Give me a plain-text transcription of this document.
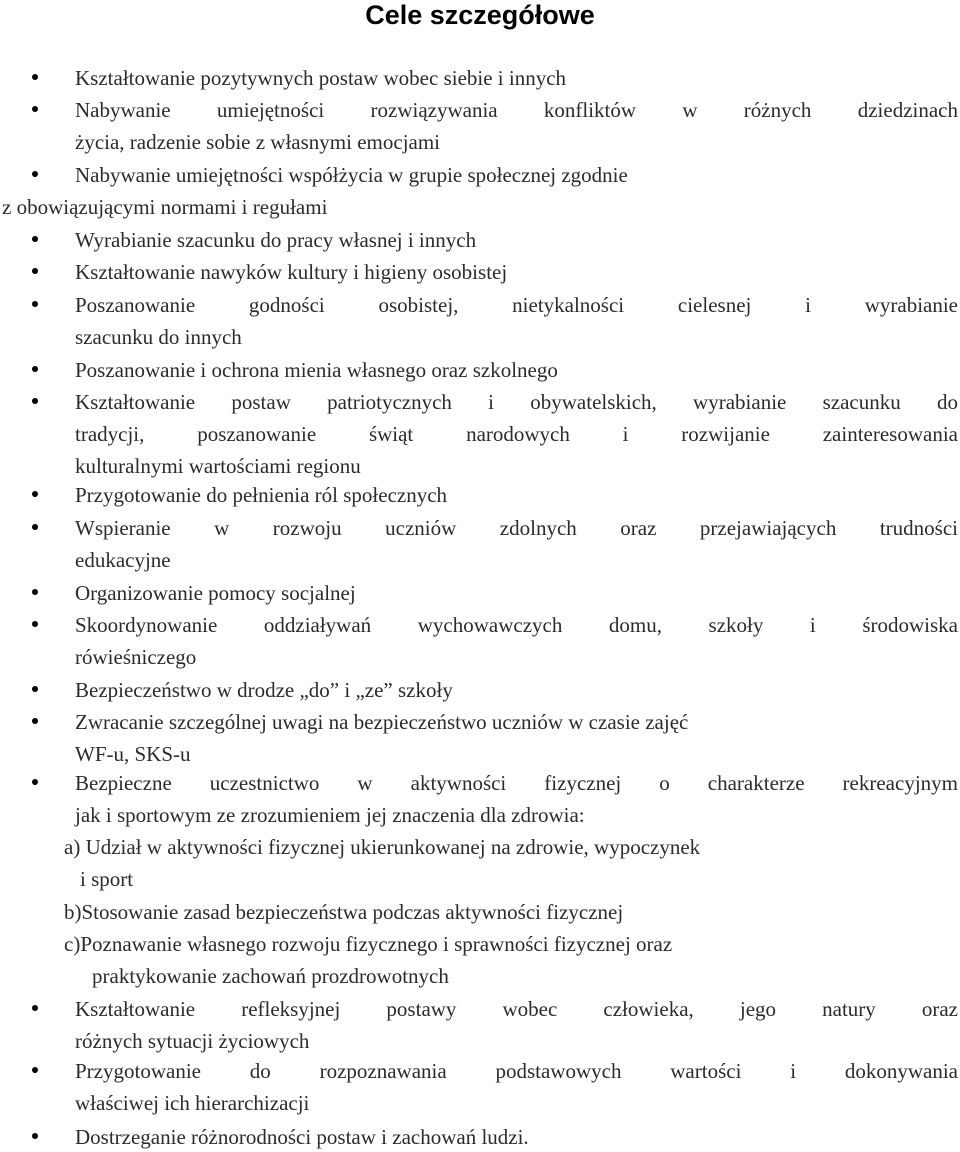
Cele szczegółowe
Kształtowanie pozytywnych postaw wobec siebie i innych
Nabywanie umiejętności rozwiązywania konfliktów w różnych dziedzinach
życia, radzenie sobie z własnymi emocjami
Nabywanie umiejętności współżycia w grupie społecznej zgodnie
z obowiązującymi normami i regułami
Wyrabianie szacunku do pracy własnej i innych
Kształtowanie nawyków kultury i higieny osobistej
Poszanowanie godności osobistej, nietykalności cielesnej i wyrabianie
szacunku do innych
Poszanowanie i ochrona mienia własnego oraz szkolnego
Kształtowanie postaw patriotycznych i obywatelskich, wyrabianie szacunku do
tradycji, poszanowanie świąt narodowych i rozwijanie zainteresowania
kulturalnymi wartościami regionu
Przygotowanie do pełnienia ról społecznych
Wspieranie w rozwoju uczniów zdolnych oraz przejawiających trudności
edukacyjne
Organizowanie pomocy socjalnej
Skoordynowanie oddziaływań wychowawczych domu, szkoły i środowiska
rówieśniczego
Bezpieczeństwo w drodze „do” i „ze” szkoły
Zwracanie szczególnej uwagi na bezpieczeństwo uczniów w czasie zajęć
WF-u, SKS-u
Bezpieczne uczestnictwo w aktywności fizycznej o charakterze rekreacyjnym
jak i sportowym ze zrozumieniem jej znaczenia dla zdrowia:
a) Udział w aktywności fizycznej ukierunkowanej na zdrowie, wypoczynek
i sport
b)Stosowanie zasad bezpieczeństwa podczas aktywności fizycznej
c)Poznawanie własnego rozwoju fizycznego i sprawności fizycznej oraz
praktykowanie zachowań prozdrowotnych
Kształtowanie refleksyjnej postawy wobec człowieka, jego natury oraz
różnych sytuacji życiowych
Przygotowanie do rozpoznawania podstawowych wartości i dokonywania
właściwej ich hierarchizacji
Dostrzeganie różnorodności postaw i zachowań ludzi.
